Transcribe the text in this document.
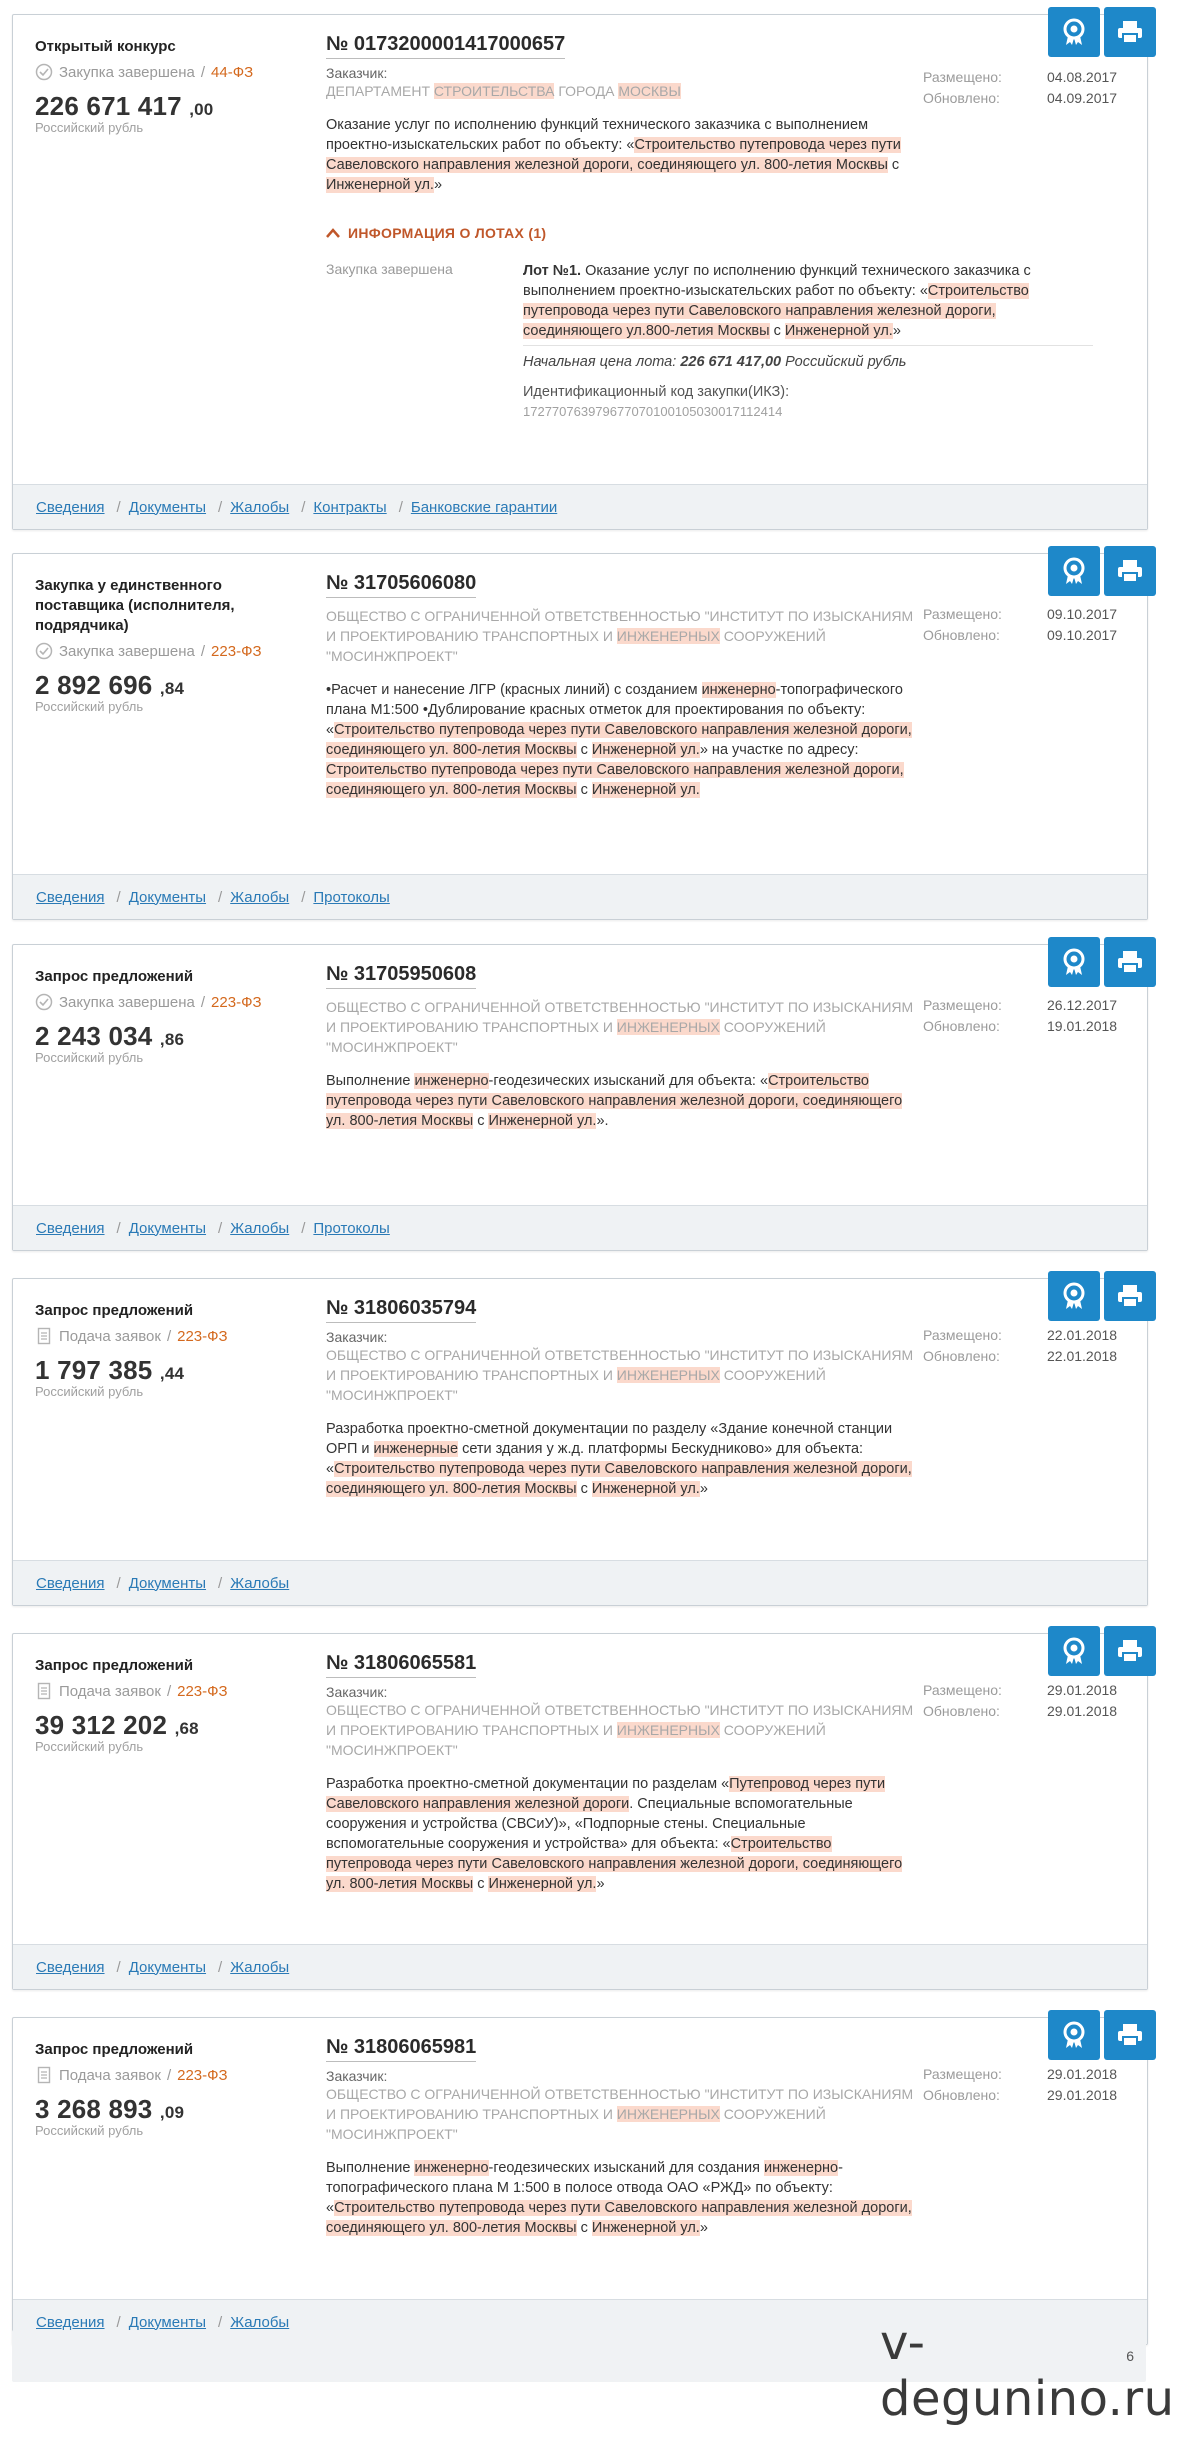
Открытый конкурс
Закупка завершена / 44-ФЗ
226 671 417 ,00
Российский рубль
№ 0173200001417000657
Заказчик:
ДЕПАРТАМЕНТ СТРОИТЕЛЬСТВА ГОРОДА МОСКВЫ
Оказание услуг по исполнению функций технического заказчика с выполнением проектно-изыскательских работ по объекту: «Строительство путепровода через пути Савеловского направления железной дороги, соединяющего ул. 800-летия Москвы с Инженерной ул.»
ИНФОРМАЦИЯ О ЛОТАХ (1)
Закупка завершена	Лот №1. Оказание услуг по исполнению функций технического заказчика с выполнением проектно-изыскательских работ по объекту: «Строительство путепровода через пути Савеловского направления железной дороги, соединяющего ул.800-летия Москвы с Инженерной ул.»
Начальная цена лота: 226 671 417,00 Российский рубль
Идентификационный код закупки(ИКЗ):
172770763979677070100105030017112414
Размещено:	04.08.2017
Обновлено:	04.09.2017
Сведения / Документы / Жалобы / Контракты / Банковские гарантии
Закупка у единственного поставщика (исполнителя, подрядчика)
Закупка завершена / 223-ФЗ
2 892 696 ,84
Российский рубль
№ 31705606080
ОБЩЕСТВО С ОГРАНИЧЕННОЙ ОТВЕТСТВЕННОСТЬЮ "ИНСТИТУТ ПО ИЗЫСКАНИЯМ И ПРОЕКТИРОВАНИЮ ТРАНСПОРТНЫХ И ИНЖЕНЕРНЫХ СООРУЖЕНИЙ "МОСИНЖПРОЕКТ"
•Расчет и нанесение ЛГР (красных линий) с созданием инженерно-топографического плана М1:500 •Дублирование красных отметок для проектирования по объекту: «Строительство путепровода через пути Савеловского направления железной дороги, соединяющего ул. 800-летия Москвы с Инженерной ул.» на участке по адресу: Строительство путепровода через пути Савеловского направления железной дороги, соединяющего ул. 800-летия Москвы с Инженерной ул.
Размещено:	09.10.2017
Обновлено:	09.10.2017
Сведения / Документы / Жалобы / Протоколы
Запрос предложений
Закупка завершена / 223-ФЗ
2 243 034 ,86
Российский рубль
№ 31705950608
ОБЩЕСТВО С ОГРАНИЧЕННОЙ ОТВЕТСТВЕННОСТЬЮ "ИНСТИТУТ ПО ИЗЫСКАНИЯМ И ПРОЕКТИРОВАНИЮ ТРАНСПОРТНЫХ И ИНЖЕНЕРНЫХ СООРУЖЕНИЙ "МОСИНЖПРОЕКТ"
Выполнение инженерно-геодезических изысканий для объекта: «Строительство путепровода через пути Савеловского направления железной дороги, соединяющего ул. 800-летия Москвы с Инженерной ул.».
Размещено:	26.12.2017
Обновлено:	19.01.2018
Сведения / Документы / Жалобы / Протоколы
Запрос предложений
Подача заявок / 223-ФЗ
1 797 385 ,44
Российский рубль
№ 31806035794
Заказчик:
ОБЩЕСТВО С ОГРАНИЧЕННОЙ ОТВЕТСТВЕННОСТЬЮ "ИНСТИТУТ ПО ИЗЫСКАНИЯМ И ПРОЕКТИРОВАНИЮ ТРАНСПОРТНЫХ И ИНЖЕНЕРНЫХ СООРУЖЕНИЙ "МОСИНЖПРОЕКТ"
Разработка проектно-сметной документации по разделу «Здание конечной станции ОРП и инженерные сети здания у ж.д. платформы Бескудниково» для объекта: «Строительство путепровода через пути Савеловского направления железной дороги, соединяющего ул. 800-летия Москвы с Инженерной ул.»
Размещено:	22.01.2018
Обновлено:	22.01.2018
Сведения / Документы / Жалобы
Запрос предложений
Подача заявок / 223-ФЗ
39 312 202 ,68
Российский рубль
№ 31806065581
Заказчик:
ОБЩЕСТВО С ОГРАНИЧЕННОЙ ОТВЕТСТВЕННОСТЬЮ "ИНСТИТУТ ПО ИЗЫСКАНИЯМ И ПРОЕКТИРОВАНИЮ ТРАНСПОРТНЫХ И ИНЖЕНЕРНЫХ СООРУЖЕНИЙ "МОСИНЖПРОЕКТ"
Разработка проектно-сметной документации по разделам «Путепровод через пути Савеловского направления железной дороги. Специальные вспомогательные сооружения и устройства (СВСиУ)», «Подпорные стены. Специальные вспомогательные сооружения и устройства» для объекта: «Строительство путепровода через пути Савеловского направления железной дороги, соединяющего ул. 800-летия Москвы с Инженерной ул.»
Размещено:	29.01.2018
Обновлено:	29.01.2018
Сведения / Документы / Жалобы
Запрос предложений
Подача заявок / 223-ФЗ
3 268 893 ,09
Российский рубль
№ 31806065981
Заказчик:
ОБЩЕСТВО С ОГРАНИЧЕННОЙ ОТВЕТСТВЕННОСТЬЮ "ИНСТИТУТ ПО ИЗЫСКАНИЯМ И ПРОЕКТИРОВАНИЮ ТРАНСПОРТНЫХ И ИНЖЕНЕРНЫХ СООРУЖЕНИЙ "МОСИНЖПРОЕКТ"
Выполнение инженерно-геодезических изысканий для создания инженерно-топографического плана М 1:500 в полосе отвода ОАО «РЖД» по объекту: «Строительство путепровода через пути Савеловского направления железной дороги, соединяющего ул. 800-летия Москвы с Инженерной ул.»
Размещено:	29.01.2018
Обновлено:	29.01.2018
Сведения / Документы / Жалобы
6
v-degunino.ru
